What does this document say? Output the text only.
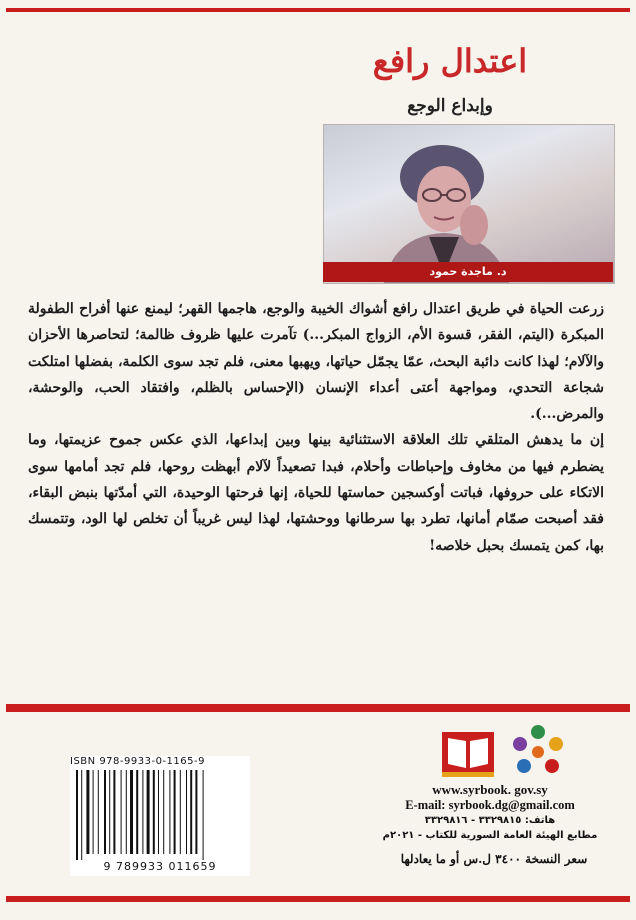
اعتدال رافع
وإبداع الوجع
د. ماجدة حمود

زرعت الحياة في طريق اعتدال رافع أشواك الخيبة والوجع، هاجمها القهر؛ ليمنع عنها أفراح الطفولة المبكرة (اليتم، الفقر، قسوة الأم، الزواج المبكر...) تآمرت عليها ظروف ظالمة؛ لتحاصرها الأحزان والآلام؛ لهذا كانت دائبة البحث، عمّا يجمّل حياتها، ويهبها معنى، فلم تجد سوى الكلمة، بفضلها امتلكت شجاعة التحدي، ومواجهة أعتى أعداء الإنسان (الإحساس بالظلم، وافتقاد الحب، والوحشة، والمرض...).

إن ما يدهش المتلقي تلك العلاقة الاستثنائية بينها وبين إبداعها، الذي عكس جموح عزيمتها، وما يضطرم فيها من مخاوف وإحباطات وأحلام، فبدا تصعيداً لآلام أبهظت روحها، فلم تجد أمامها سوى الاتكاء على حروفها، فباتت أوكسجين حماستها للحياة، إنها فرحتها الوحيدة، التي أمدّتها بنبض البقاء، فقد أصبحت صمّام أمانها، تطرد بها سرطانها ووحشتها، لهذا ليس غريباً أن تخلص لها الود، وتتمسك بها، كمن يتمسك بحبل خلاصه!

ISBN 978-9933-0-1165-9
9 789933 011659
www.syrbook. gov.sy
E-mail: syrbook.dg@gmail.com
هاتف: ٣٣٢٩٨١٥ - ٣٣٢٩٨١٦
مطابع الهيئة العامة السورية للكتاب - ٢٠٢١م
سعر النسخة ٣٤٠٠ ل.س أو ما يعادلها
